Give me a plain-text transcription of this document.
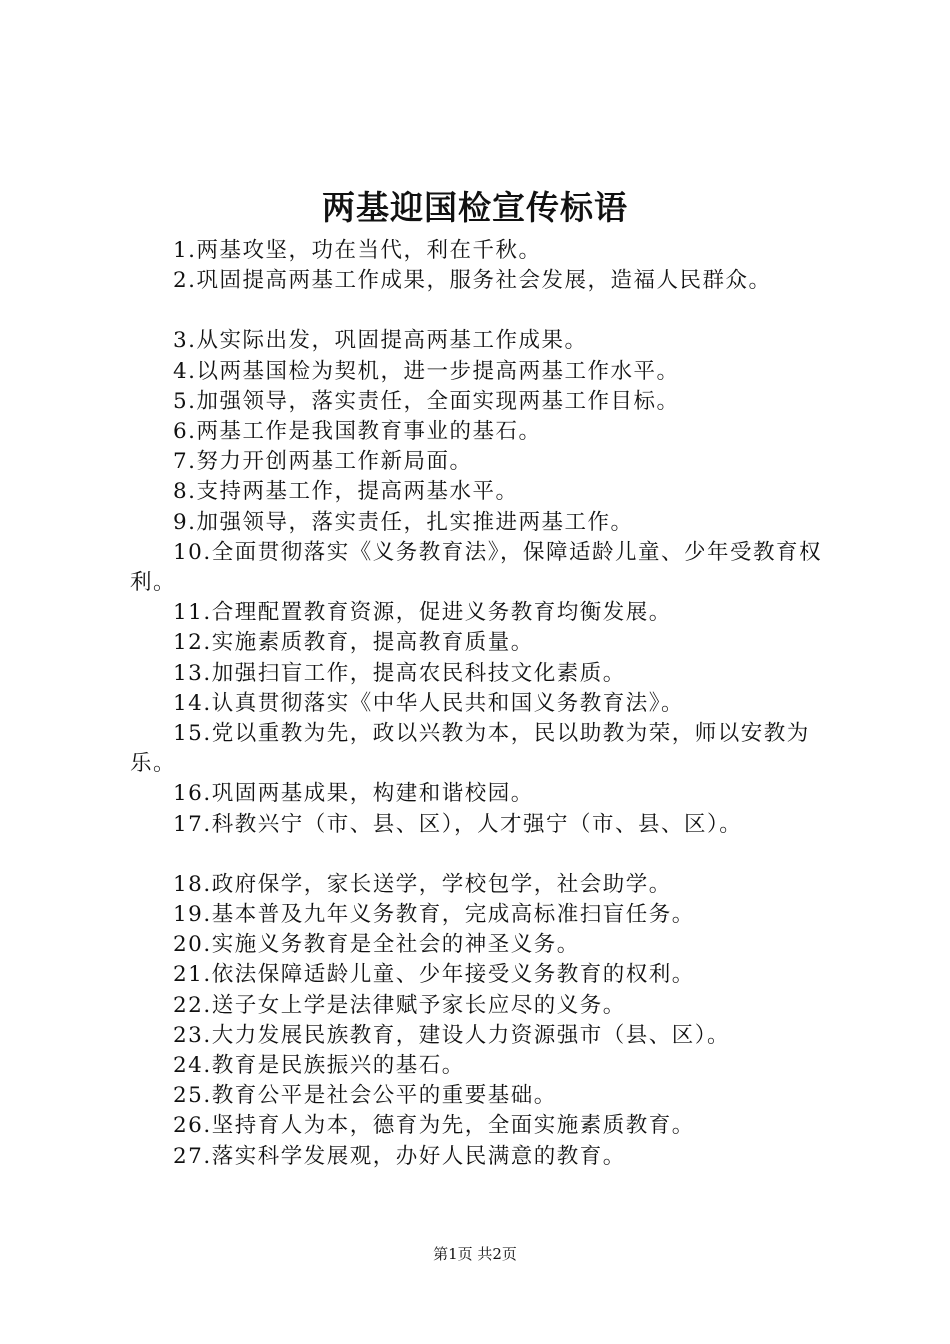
两基迎国检宣传标语
1.两基攻坚，功在当代，利在千秋。
2.巩固提高两基工作成果，服务社会发展，造福人民群众。
3.从实际出发，巩固提高两基工作成果。
4.以两基国检为契机，进一步提高两基工作水平。
5.加强领导，落实责任，全面实现两基工作目标。
6.两基工作是我国教育事业的基石。
7.努力开创两基工作新局面。
8.支持两基工作，提高两基水平。
9.加强领导，落实责任，扎实推进两基工作。
10.全面贯彻落实《义务教育法》，保障适龄儿童、少年受教育权利。
11.合理配置教育资源，促进义务教育均衡发展。
12.实施素质教育，提高教育质量。
13.加强扫盲工作，提高农民科技文化素质。
14.认真贯彻落实《中华人民共和国义务教育法》。
15.党以重教为先，政以兴教为本，民以助教为荣，师以安教为乐。
16.巩固两基成果，构建和谐校园。
17.科教兴宁（市、县、区），人才强宁（市、县、区）。
18.政府保学，家长送学，学校包学，社会助学。
19.基本普及九年义务教育，完成高标准扫盲任务。
20.实施义务教育是全社会的神圣义务。
21.依法保障适龄儿童、少年接受义务教育的权利。
22.送子女上学是法律赋予家长应尽的义务。
23.大力发展民族教育，建设人力资源强市（县、区）。
24.教育是民族振兴的基石。
25.教育公平是社会公平的重要基础。
26.坚持育人为本，德育为先，全面实施素质教育。
27.落实科学发展观，办好人民满意的教育。
第1页 共2页
